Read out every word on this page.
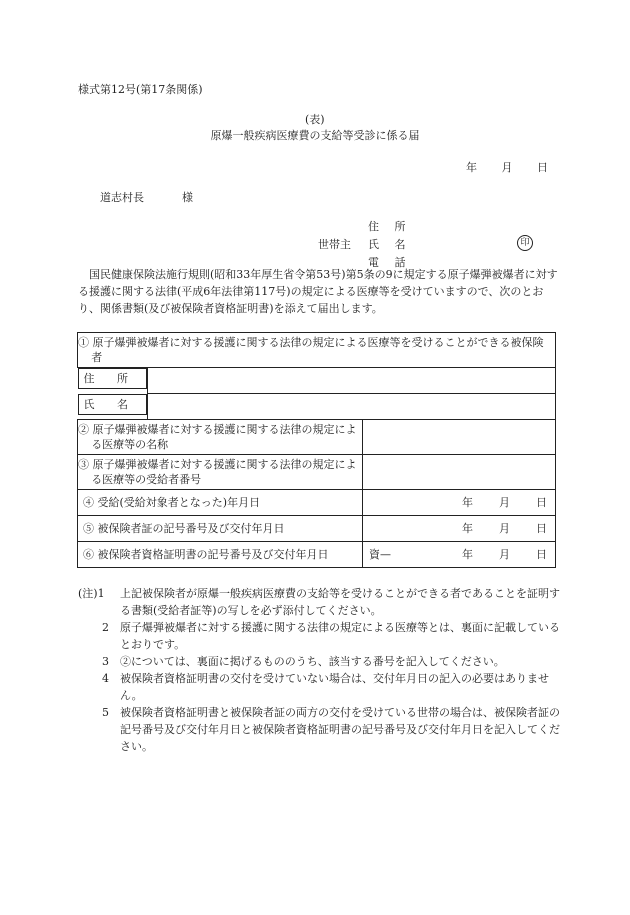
様式第12号(第17条関係)
(表)
原爆一般疾病医療費の支給等受診に係る届
年 月 日
道志村長	様
住 所
世帯主 氏 名
電 話
印
国民健康保険法施行規則(昭和33年厚生省令第53号)第5条の9に規定する原子爆弾被爆者に対する援護に関する法律(平成6年法律第117号)の規定による医療等を受けていますので、次のとおり、関係書類(及び被保険者資格証明書)を添えて届出します。
① 原子爆弾被爆者に対する援護に関する法律の規定による医療等を受けることができる被保険者		

住 所

氏 名

② 原子爆弾被爆者に対する援護に関する法律の規定による医療等の名称		
③ 原子爆弾被爆者に対する援護に関する法律の規定による医療等の受給者番号		
④ 受給(受給対象者となった)年月日		年 月 日

⑤ 被保険者証の記号番号及び交付年月日		年 月 日

⑥ 被保険者資格証明書の記号番号及び交付年月日		資— 年 月 日
(注)1 上記被保険者が原爆一般疾病医療費の支給等を受けることができる者であることを証明する書類(受給者証等)の写しを必ず添付してください。
2 原子爆弾被爆者に対する援護に関する法律の規定による医療等とは、裏面に記載しているとおりです。
3 ②については、裏面に掲げるもののうち、該当する番号を記入してください。
4 被保険者資格証明書の交付を受けていない場合は、交付年月日の記入の必要はありません。
5 被保険者資格証明書と被保険者証の両方の交付を受けている世帯の場合は、被保険者証の記号番号及び交付年月日と被保険者資格証明書の記号番号及び交付年月日を記入してください。
